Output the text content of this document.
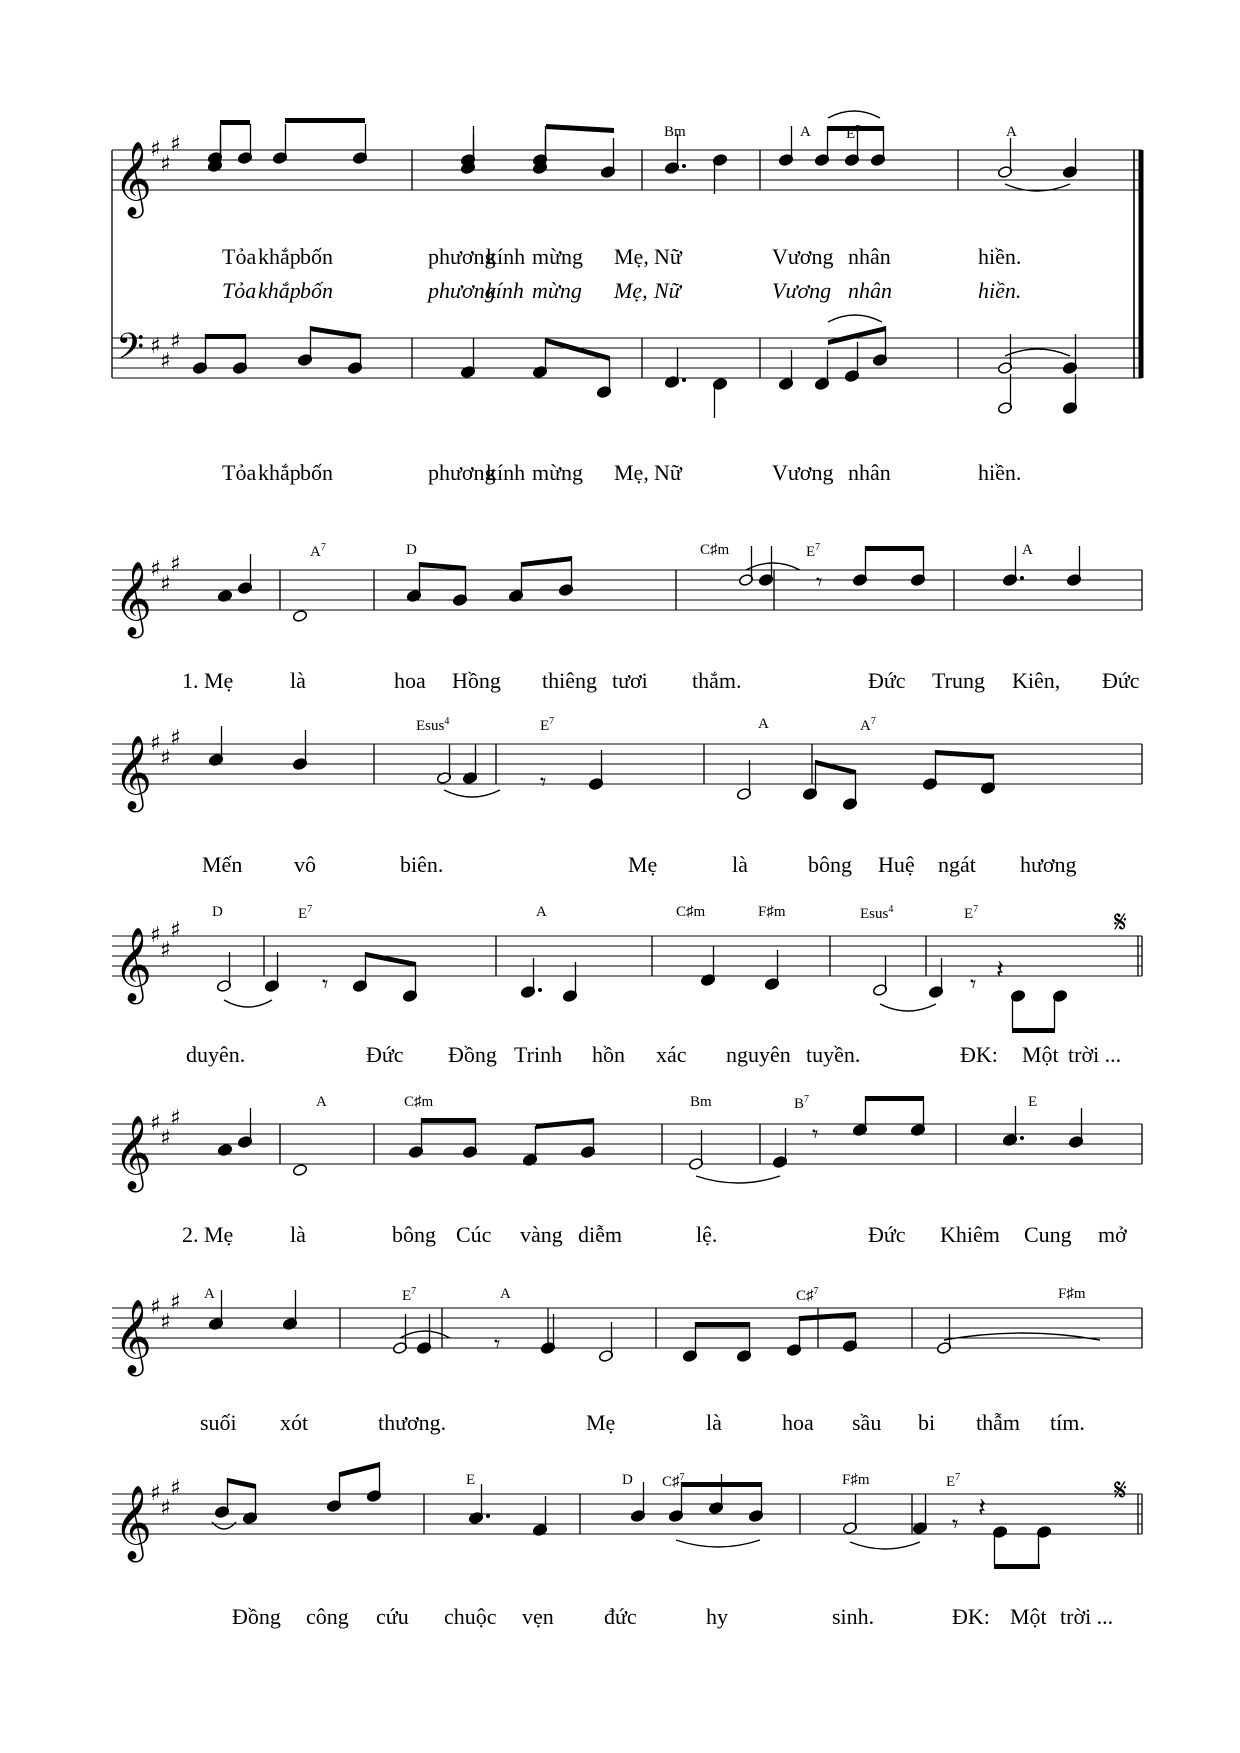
𝄞
𝄢
♯
♯
♯
♯
♯
♯
𝄞
♯
♯
♯
𝄾
𝄞
♯
♯
♯
𝄾
𝄞
♯
♯
♯
𝄾	𝄾 𝄽
𝄞
♯
♯
♯
𝄾
𝄞
♯
♯
♯
𝄾
𝄞
♯
♯
♯
𝄾
𝄽
Bm	A $E^7$	A
Tỏa khắp bốn	phương
kính mừng Mẹ, Nữ	Vương nhân	hiền.
Tỏa khắp bốn	phương
kính mừng Mẹ, Nữ	Vương nhân	hiền.
Tỏa khắp bốn	phương
kính mừng Mẹ, Nữ	Vương nhân	hiền.
$A^7$	D	C♯m	$E^7$	A
1. Mẹ	là	hoa Hồng thiêng tươi thắm.	Đức Trung Kiên, Đức
Esus$^4$	$E^7$	A	$A^7$
Mến vô	biên.	Mẹ	là	bông Huệ ngát hương
D	$E^7$	A	C♯m	F♯m	Esus$^4$	$E^7$	𝄋
duyên.	Đức Đồng Trinh hồn xác nguyên tuyền.	ĐK: Một trời ...
A	C♯m	Bm	$B^7$	E
2. Mẹ	là	bông Cúc vàng diễm	lệ.	Đức Khiêm Cung mở
A	$E^7$	A	C♯$^7$	F♯m
suối xót	thương.	Mẹ	là	hoa sầu bi thẫm tím.
E	D C♯$^7$	F♯m	$E^7$	𝄋
Đồng công cứu chuộc vẹn đức	hy	sinh.	ĐK: Một trời ...
